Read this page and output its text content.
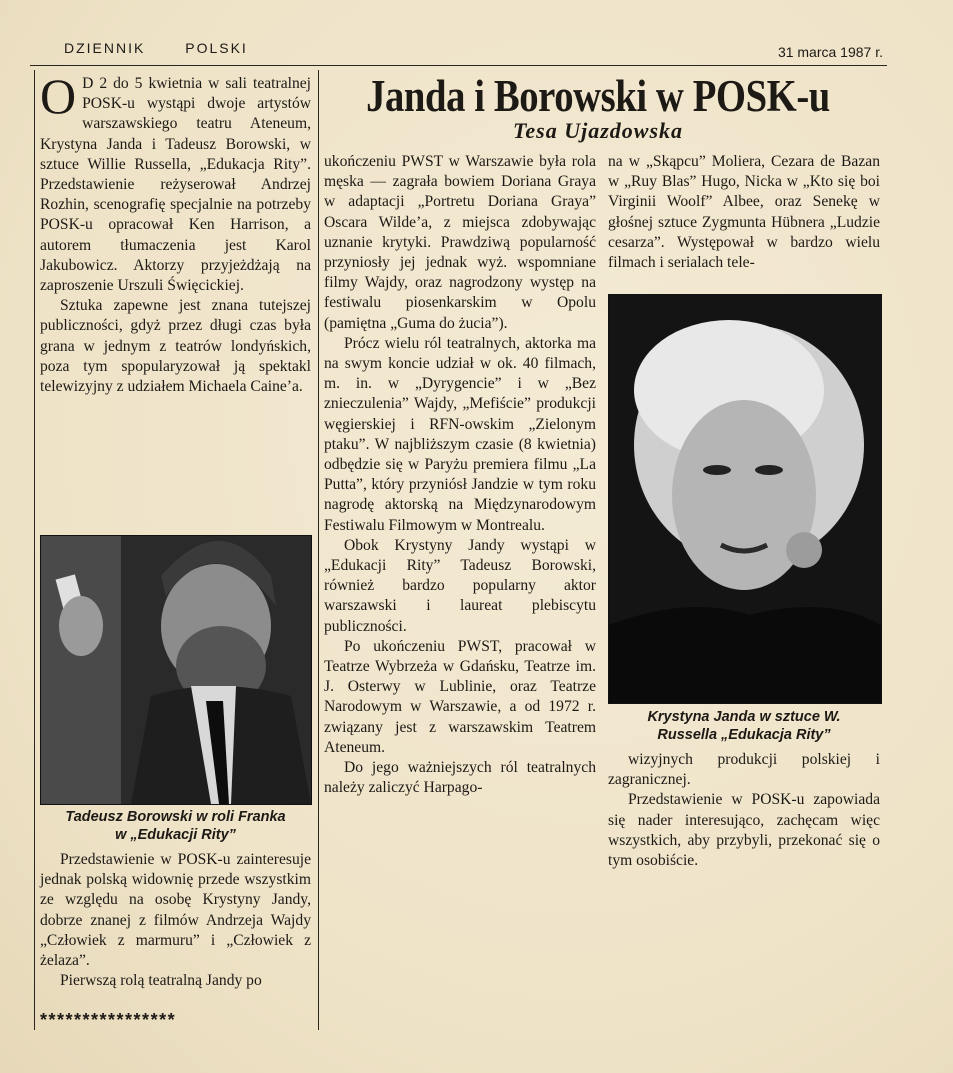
DZIENNIK	POLSKI	31 marca 1987 r.

O D 2 do 5 kwietnia w sali teatralnej POSK-u wystąpi dwoje artystów warszawskiego teatru Ateneum, Krystyna Janda i Tadeusz Borowski, w sztuce Willie Russella, „Edukacja Rity”. Przedstawienie reżyserował Andrzej Rozhin, scenografię specjalnie na potrzeby POSK-u opracował Ken Harrison, a autorem tłumaczenia jest Karol Jakubowicz. Aktorzy przyjeżdżają na zaproszenie Urszuli Święcickiej.

Sztuka zapewne jest znana tutejszej publiczności, gdyż przez długi czas była grana w jednym z teatrów londyńskich, poza tym spopularyzował ją spektakl telewizyjny z udziałem Michaela Caine’a.

Tadeusz Borowski w roli Franka
w „Edukacji Rity”

Przedstawienie w POSK-u zainteresuje jednak polską widownię przede wszystkim ze względu na osobę Krystyny Jandy, dobrze znanej z filmów Andrzeja Wajdy „Człowiek z marmuru” i „Człowiek z żelaza”.

Pierwszą rolą teatralną Jandy po

****************
Janda i Borowski w POSK-u
Tesa Ujazdowska

ukończeniu PWST w Warszawie była rola męska — zagrała bowiem Doriana Graya w adaptacji „Portretu Doriana Graya” Oscara Wilde’a, z miejsca zdobywając uznanie krytyki. Prawdziwą popularność przyniosły jej jednak wyż. wspomniane filmy Wajdy, oraz nagrodzony występ na festiwalu piosenkarskim w Opolu (pamiętna „Guma do żucia”).

Prócz wielu ról teatralnych, aktorka ma na swym koncie udział w ok. 40 filmach, m. in. w „Dyrygencie” i w „Bez znieczulenia” Wajdy, „Mefiście” produkcji węgierskiej i RFN-owskim „Zielonym ptaku”. W najbliższym czasie (8 kwietnia) odbędzie się w Paryżu premiera filmu „La Putta”, który przyniósł Jandzie w tym roku nagrodę aktorską na Międzynarodowym Festiwalu Filmowym w Montrealu.

Obok Krystyny Jandy wystąpi w „Edukacji Rity” Tadeusz Borowski, również bardzo popularny aktor warszawski i laureat plebiscytu publiczności.

Po ukończeniu PWST, pracował w Teatrze Wybrzeża w Gdańsku, Teatrze im. J. Osterwy w Lublinie, oraz Teatrze Narodowym w Warszawie, a od 1972 r. związany jest z warszawskim Teatrem Ateneum.

Do jego ważniejszych ról teatralnych należy zaliczyć Harpago-

na w „Skąpcu” Moliera, Cezara de Bazan w „Ruy Blas” Hugo, Nicka w „Kto się boi Virginii Woolf” Albee, oraz Senekę w głośnej sztuce Zygmunta Hübnera „Ludzie cesarza”. Występował w bardzo wielu filmach i serialach tele-

Krystyna Janda w sztuce W.
Russella „Edukacja Rity”

wizyjnych produkcji polskiej i zagranicznej.

Przedstawienie w POSK-u zapowiada się nader interesująco, zachęcam więc wszystkich, aby przybyli, przekonać się o tym osobiście.
